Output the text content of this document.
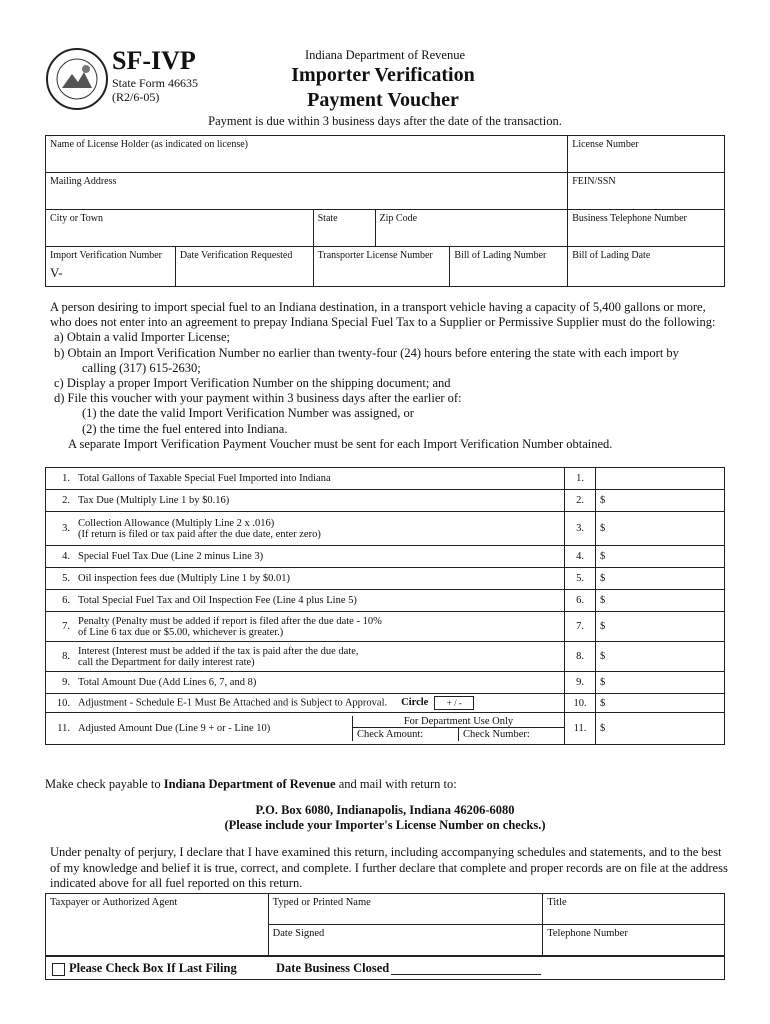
SF-IVP
State Form 46635
(R2/6-05)
Indiana Department of Revenue
Importer Verification
Payment Voucher
Payment is due within 3 business days after the date of the transaction.
Name of License Holder (as indicated on license)					License Number
Mailing Address					FEIN/SSN
City or Town		State	Zip Code		Business Telephone Number
Import Verification Number
V-	Date Verification Requested	Transporter License Number		Bill of Lading Number	Bill of Lading Date
A person desiring to import special fuel to an Indiana destination, in a transport vehicle having a capacity of 5,400 gallons or more,
who does not enter into an agreement to prepay Indiana Special Fuel Tax to a Supplier or Permissive Supplier must do the following:
a) Obtain a valid Importer License;
b) Obtain an Import Verification Number no earlier than twenty-four (24) hours before entering the state with each import by
calling (317) 615-2630;
c) Display a proper Import Verification Number on the shipping document; and
d) File this voucher with your payment within 3 business days after the earlier of:
(1) the date the valid Import Verification Number was assigned, or
(2) the time the fuel entered into Indiana.
A separate Import Verification Payment Voucher must be sent for each Import Verification Number obtained.
1.	Total Gallons of Taxable Special Fuel Imported into Indiana	1.	
2.	Tax Due (Multiply Line 1 by $0.16)	2.	$
3.	Collection Allowance (Multiply Line 2 x .016)
(If return is filed or tax paid after the due date, enter zero)	3.	$
4.	Special Fuel Tax Due (Line 2 minus Line 3)	4.	$
5.	Oil inspection fees due (Multiply Line 1 by $0.01)	5.	$
6.	Total Special Fuel Tax and Oil Inspection Fee (Line 4 plus Line 5)	6.	$
7.	Penalty (Penalty must be added if report is filed after the due date - 10%
of Line 6 tax due or $5.00, whichever is greater.)	7.	$
8.	Interest (Interest must be added if the tax is paid after the due date,
call the Department for daily interest rate)	8.	$
9.	Total Amount Due (Add Lines 6, 7, and 8)	9.	$
10.	Adjustment - Schedule E-1 Must Be Attached and is Subject to Approval. Circle + / -	10.	$
11.	Adjusted Amount Due (Line 9 + or - Line 10)
For Department Use Only
Check Amount: Check Number:	11.	$
Make check payable to Indiana Department of Revenue and mail with return to:
P.O. Box 6080, Indianapolis, Indiana 46206-6080
(Please include your Importer's License Number on checks.)
Under penalty of perjury, I declare that I have examined this return, including accompanying schedules and statements, and to the best of my knowledge and belief it is true, correct, and complete. I further declare that complete and proper records are on file at the address indicated above for all fuel reported on this return.
Taxpayer or Authorized Agent	Typed or Printed Name	Title
	Date Signed	Telephone Number
Please Check Box If Last Filing	Date Business Closed
